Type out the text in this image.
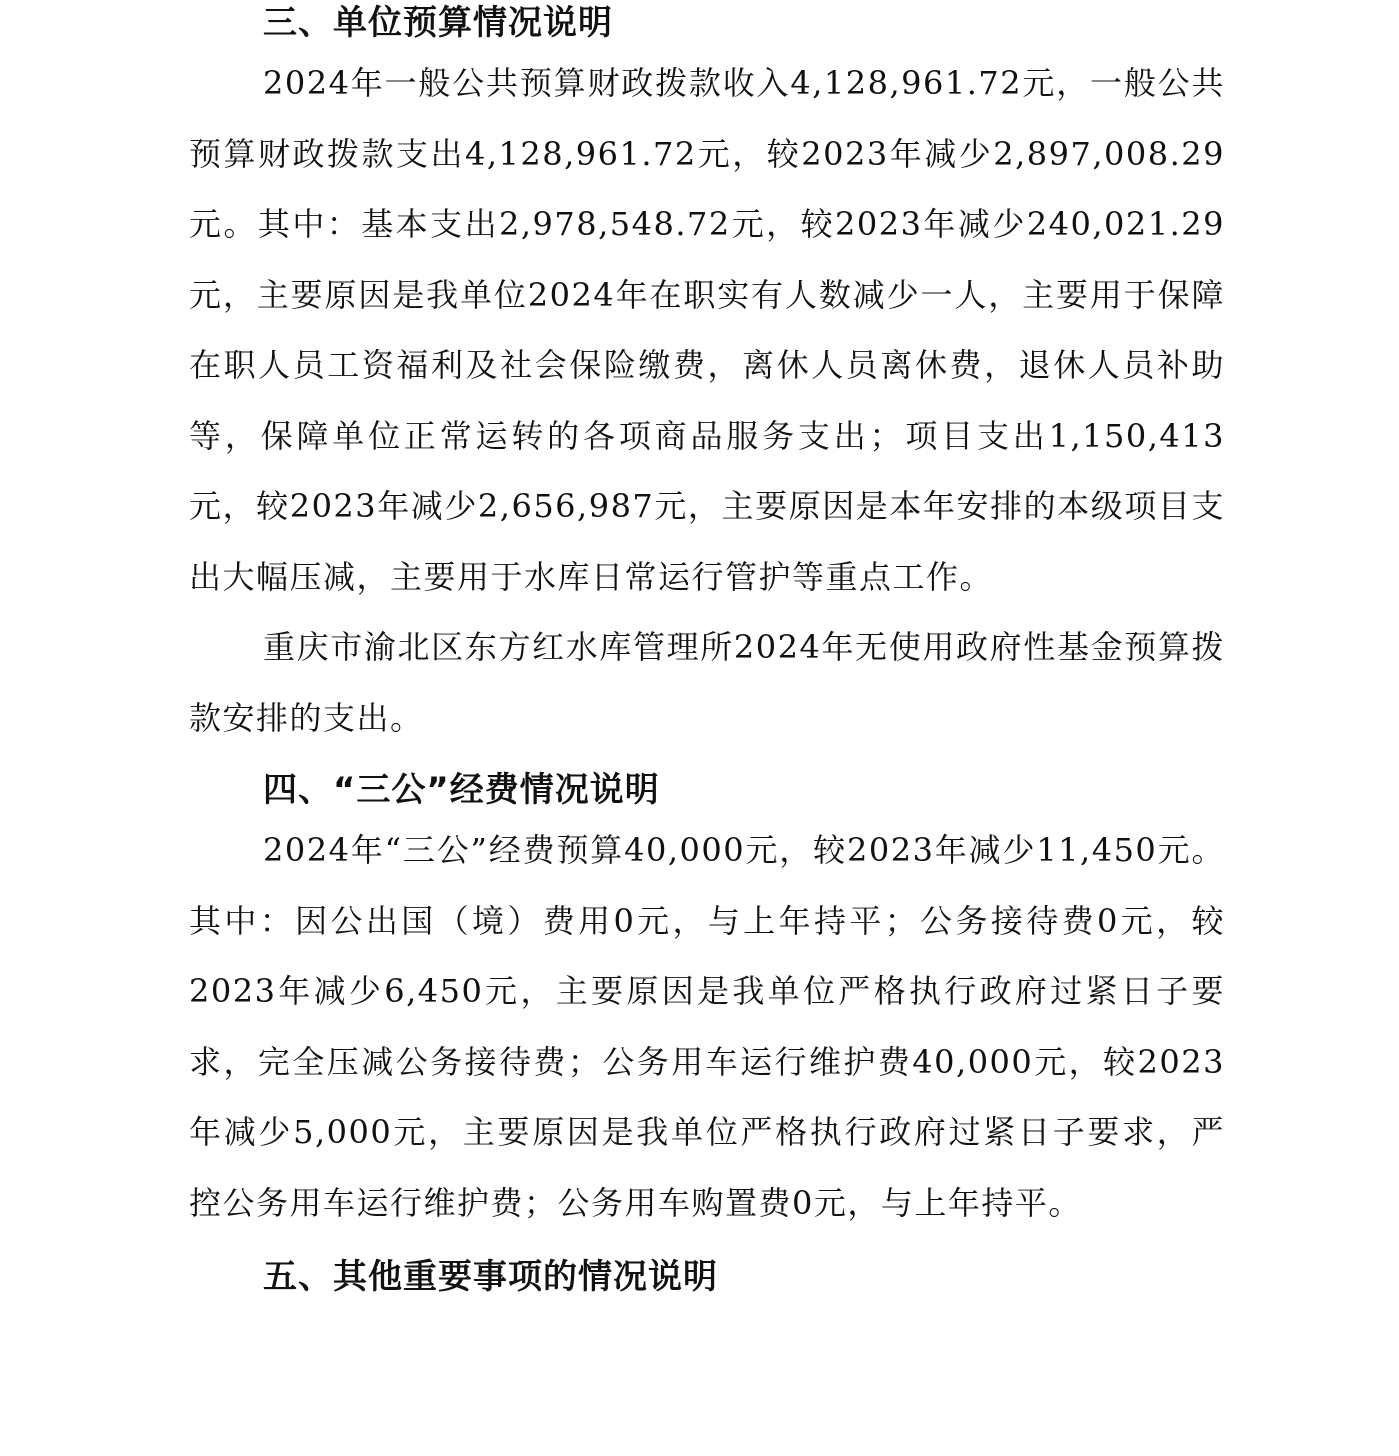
三、单位预算情况说明

2024年一般公共预算财政拨款收入4,128,961.72元，一般公共预算财政拨款支出4,128,961.72元，较2023年减少2,897,008.29元。其中：基本支出2,978,548.72元，较2023年减少240,021.29元，主要原因是我单位2024年在职实有人数减少一人，主要用于保障在职人员工资福利及社会保险缴费，离休人员离休费，退休人员补助等，保障单位正常运转的各项商品服务支出；项目支出1,150,413元，较2023年减少2,656,987元，主要原因是本年安排的本级项目支出大幅压减，主要用于水库日常运行管护等重点工作。

重庆市渝北区东方红水库管理所2024年无使用政府性基金预算拨款安排的支出。

四、“三公”经费情况说明

2024年“三公”经费预算40,000元，较2023年减少11,450元。其中：因公出国（境）费用0元，与上年持平；公务接待费0元，较2023年减少6,450元，主要原因是我单位严格执行政府过紧日子要求，完全压减公务接待费；公务用车运行维护费40,000元，较2023年减少5,000元，主要原因是我单位严格执行政府过紧日子要求，严控公务用车运行维护费；公务用车购置费0元，与上年持平。

五、其他重要事项的情况说明
